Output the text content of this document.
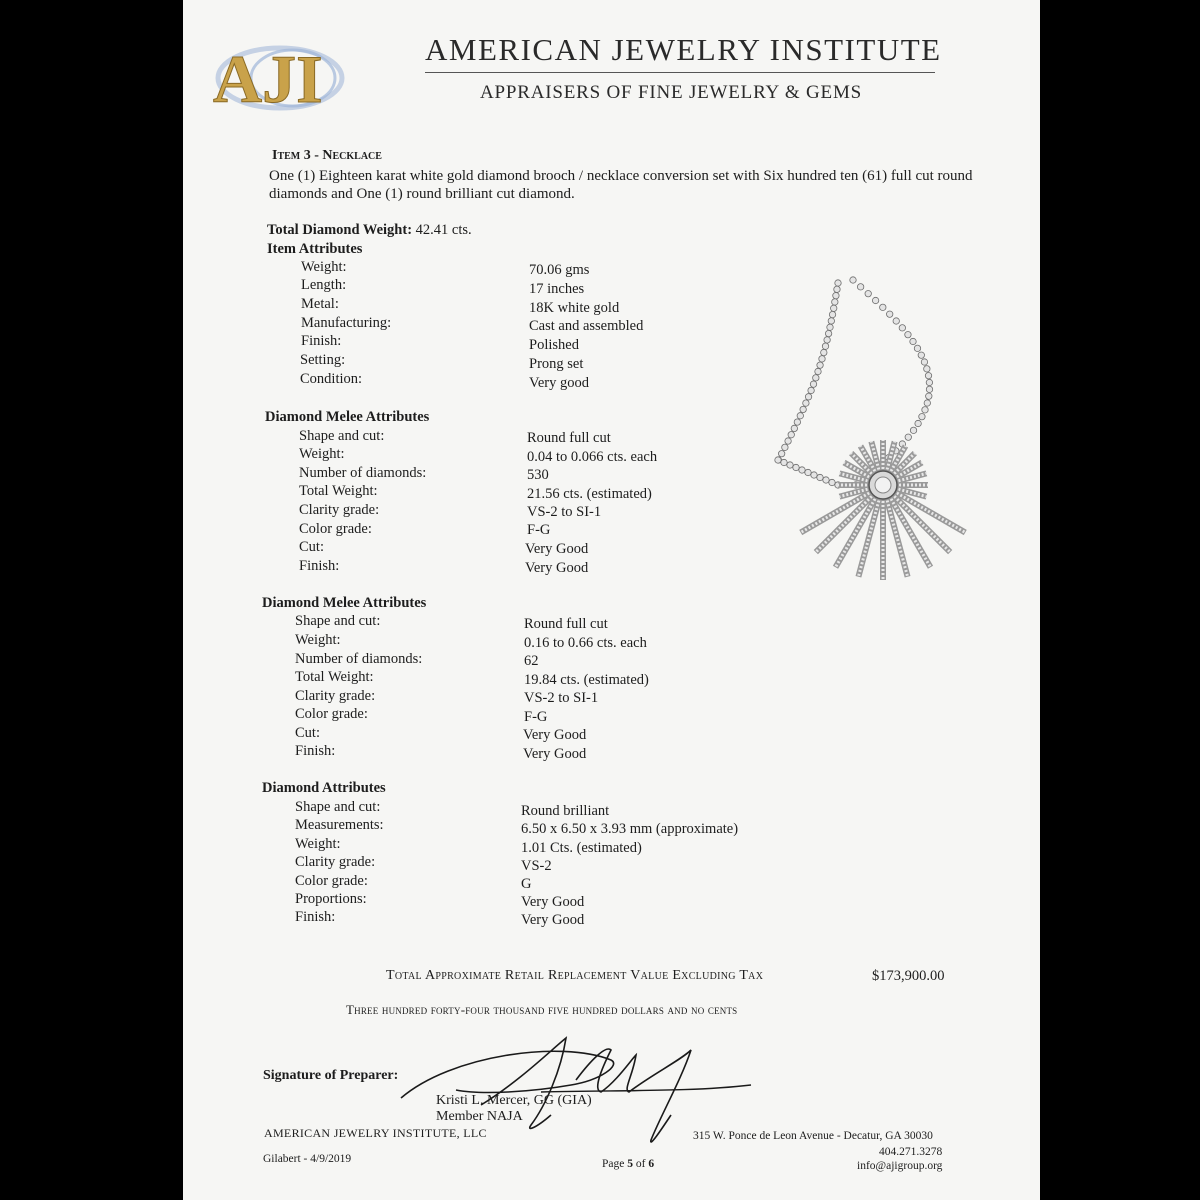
AJI	AMERICAN JEWELRY INSTITUTE
APPRAISERS OF FINE JEWELRY & GEMS
Item 3 - Necklace
One (1) Eighteen karat white gold diamond brooch / necklace conversion set with Six hundred ten (61) full cut round diamonds and One (1) round brilliant cut diamond.
Total Diamond Weight: 42.41 cts.
Item Attributes
Weight:	70.06 gms
Length:	17 inches
Metal:	18K white gold
Manufacturing:	Cast and assembled
Finish:	Polished
Setting:	Prong set
Condition:	Very good
Diamond Melee Attributes
Shape and cut:	Round full cut
Weight:	0.04 to 0.066 cts. each
Number of diamonds:	530
Total Weight:	21.56 cts. (estimated)
Clarity grade:	VS-2 to SI-1
Color grade:	F-G
Cut:	Very Good
Finish:	Very Good
Diamond Melee Attributes
Shape and cut:	Round full cut
Weight:	0.16 to 0.66 cts. each
Number of diamonds:	62
Total Weight:	19.84 cts. (estimated)
Clarity grade:	VS-2 to SI-1
Color grade:	F-G
Cut:	Very Good
Finish:	Very Good
Diamond Attributes
Shape and cut:	Round brilliant
Measurements:	6.50 x 6.50 x 3.93 mm (approximate)
Weight:	1.01 Cts. (estimated)
Clarity grade:	VS-2
Color grade:	G
Proportions:	Very Good
Finish:	Very Good
Total Approximate Retail Replacement Value Excluding Tax	$173,900.00
Three hundred forty-four thousand five hundred dollars and no cents
Signature of Preparer:
Kristi L. Mercer, GG (GIA)
Member NAJA
AMERICAN JEWELRY INSTITUTE, LLC	315 W. Ponce de Leon Avenue - Decatur, GA 30030
404.271.3278
info@ajigroup.org
Gilabert - 4/9/2019	Page 5 of 6
